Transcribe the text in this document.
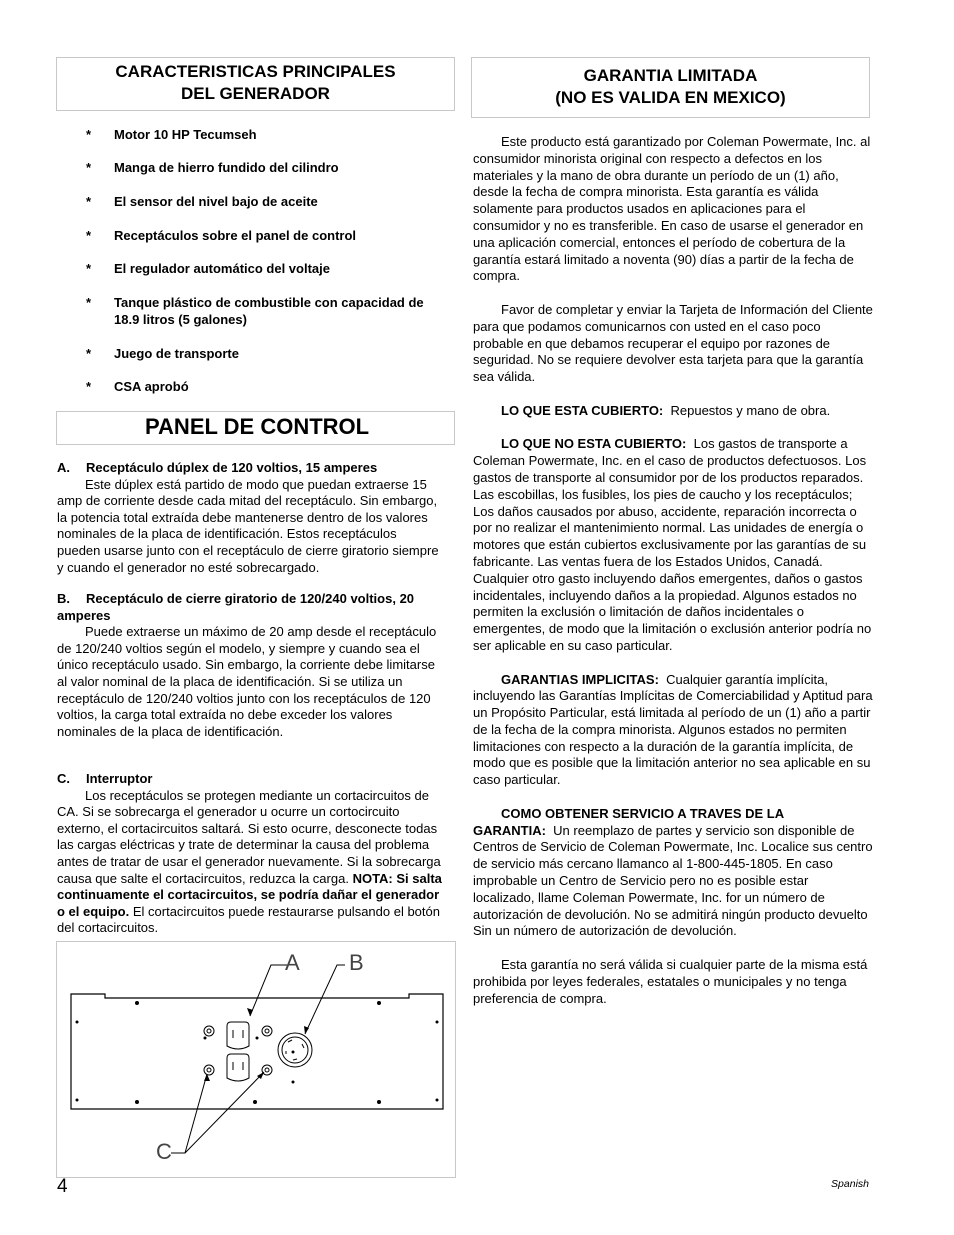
CARACTERISTICAS PRINCIPALES DEL GENERADOR
* Motor 10 HP Tecumseh
* Manga de hierro fundido del cilindro
* El sensor del nivel bajo de aceite
* Receptáculos sobre el panel de control
* El regulador automático del voltaje
* Tanque plástico de combustible con capacidad de 18.9 litros (5 galones)
* Juego de transporte
* CSA aprobó
PANEL DE CONTROL
A. Receptáculo dúplex de 120 voltios, 15 amperes
Este dúplex está partido de modo que puedan extraerse 15 amp de corriente desde cada mitad del receptáculo. Sin embargo, la potencia total extraída debe mantenerse dentro de los valores nominales de la placa de identificación. Estos receptáculos pueden usarse junto con el receptáculo de cierre giratorio siempre y cuando el generador no esté sobrecargado.
B. Receptáculo de cierre giratorio de 120/240 voltios, 20 amperes
Puede extraerse un máximo de 20 amp desde el receptáculo de 120/240 voltios según el modelo, y siempre y cuando sea el único receptáculo usado. Sin embargo, la corriente debe limitarse al valor nominal de la placa de identificación. Si se utiliza un receptáculo de 120/240 voltios junto con los receptáculos de 120 voltios, la carga total extraída no debe exceder los valores nominales de la placa de identificación.
C. Interruptor
Los receptáculos se protegen mediante un cortacircuitos de CA. Si se sobrecarga el generador u ocurre un cortocircuito externo, el cortacircuitos saltará. Si esto ocurre, desconecte todas las cargas eléctricas y trate de determinar la causa del problema antes de tratar de usar el generador nuevamente. Si la sobrecarga causa que salte el cortacircuitos, reduzca la carga. NOTA: Si salta continuamente el cortacircuitos, se podría dañar el generador o el equipo. El cortacircuitos puede restaurarse pulsando el botón del cortacircuitos.
A B
C
GARANTIA LIMITADA
(NO ES VALIDA EN MEXICO)

Este producto está garantizado por Coleman Powermate, Inc. al consumidor minorista original con respecto a defectos en los materiales y la mano de obra durante un período de un (1) año, desde la fecha de compra minorista. Esta garantía es válida solamente para productos usados en aplicaciones para el consumidor y no es transferible. En caso de usarse el generador en una aplicación comercial, entonces el período de cobertura de la garantía estará limitado a noventa (90) días a partir de la fecha de compra.

Favor de completar y enviar la Tarjeta de Información del Cliente para que podamos comunicarnos con usted en el caso poco probable en que debamos recuperar el equipo por razones de seguridad. No se requiere devolver esta tarjeta para que la garantía sea válida.

LO QUE ESTA CUBIERTO: Repuestos y mano de obra.

LO QUE NO ESTA CUBIERTO: Los gastos de transporte a Coleman Powermate, Inc. en el caso de productos defectuosos. Los gastos de transporte al consumidor por de los productos reparados. Las escobillas, los fusibles, los pies de caucho y los receptáculos; Los daños causados por abuso, accidente, reparación incorrecta o por no realizar el mantenimiento normal. Las unidades de energía o motores que están cubiertos exclusivamente por las garantías de su fabricante. Las ventas fuera de los Estados Unidos, Canadá. Cualquier otro gasto incluyendo daños emergentes, daños o gastos incidentales, incluyendo daños a la propiedad. Algunos estados no permiten la exclusión o limitación de daños incidentales o emergentes, de modo que la limitación o exclusión anterior podría no ser aplicable en su caso particular.

GARANTIAS IMPLICITAS: Cualquier garantía implícita, incluyendo las Garantías Implícitas de Comerciabilidad y Aptitud para un Propósito Particular, está limitada al período de un (1) año a partir de la fecha de la compra minorista. Algunos estados no permiten limitaciones con respecto a la duración de la garantía implícita, de modo que es posible que la limitación anterior no sea aplicable en su caso particular.

COMO OBTENER SERVICIO A TRAVES DE LA GARANTIA: Un reemplazo de partes y servicio son disponible de Centros de Servicio de Coleman Powermate, Inc. Localice sus centro de servicio más cercano llamanco al 1-800-445-1805. En caso improbable un Centro de Servicio pero no es posible estar localizado, llame Coleman Powermate, Inc. for un número de autorización de devolución. No se admitirá ningún producto devuelto Sin un número de autorización de devolución.

Esta garantía no será válida si cualquier parte de la misma está prohibida por leyes federales, estatales o municipales y no tenga preferencia de compra.

4	Spanish
